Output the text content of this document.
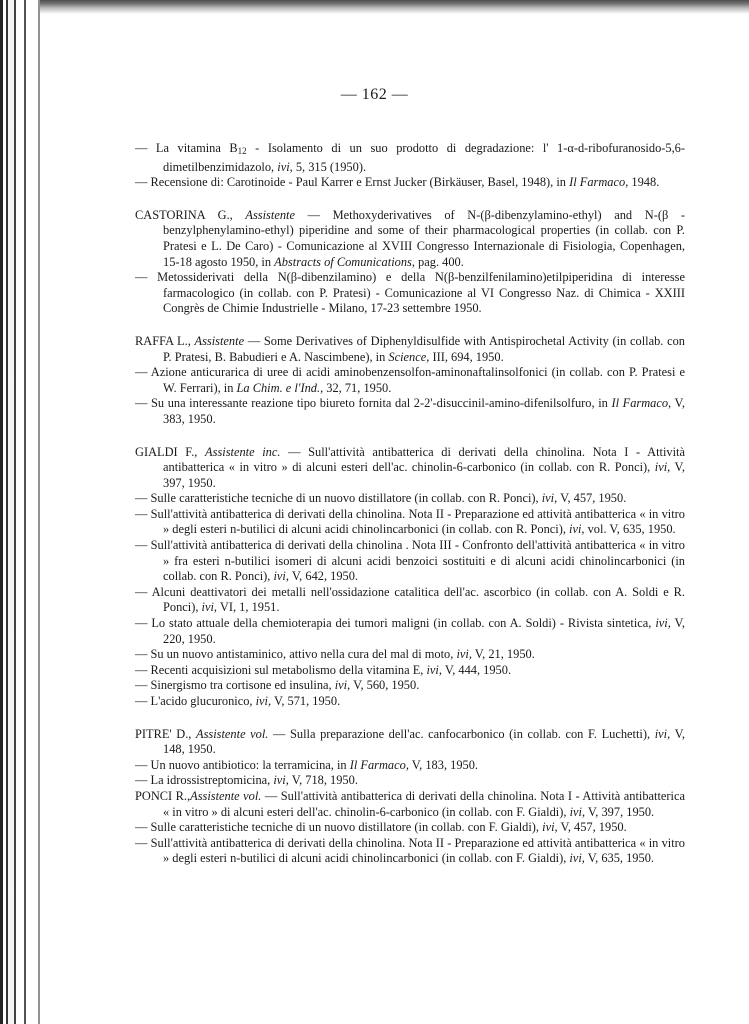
— 162 —

— La vitamina $B_{12}$ - Isolamento di un suo prodotto di degradazione: l' 1-α-d-ribofuranosido-5,6-dimetilbenzimidazolo, ivi, 5, 315 (1950).

— Recensione di: Carotinoide - Paul Karrer e Ernst Jucker (Birkäuser, Basel, 1948), in Il Farmaco, 1948.

CASTORINA G., Assistente — Methoxyderivatives of N-(β-dibenzylamino-ethyl) and N-(β -benzylphenylamino-ethyl) piperidine and some of their pharmacological properties (in collab. con P. Pratesi e L. De Caro) - Comunicazione al XVIII Congresso Internazionale di Fisiologia, Copenhagen, 15-18 agosto 1950, in Abstracts of Comunications, pag. 400.

— Metossiderivati della N(β-dibenzilamino) e della N(β-benzilfenilamino)etilpiperidina di interesse farmacologico (in collab. con P. Pratesi) - Comunicazione al VI Congresso Naz. di Chimica - XXIII Congrès de Chimie Industrielle - Milano, 17-23 settembre 1950.

RAFFA L., Assistente — Some Derivatives of Diphenyldisulfide with Antispirochetal Activity (in collab. con P. Pratesi, B. Babudieri e A. Nascimbene), in Science, III, 694, 1950.

— Azione anticurarica di uree di acidi aminobenzensolfon-aminonaftalinsolfonici (in collab. con P. Pratesi e W. Ferrari), in La Chim. e l'Ind., 32, 71, 1950.

— Su una interessante reazione tipo biureto fornita dal 2-2'-disuccinil-amino-difenilsolfuro, in Il Farmaco, V, 383, 1950.

GIALDI F., Assistente inc. — Sull'attività antibatterica di derivati della chinolina. Nota I - Attività antibatterica « in vitro » di alcuni esteri dell'ac. chinolin-6-carbonico (in collab. con R. Ponci), ivi, V, 397, 1950.

— Sulle caratteristiche tecniche di un nuovo distillatore (in collab. con R. Ponci), ivi, V, 457, 1950.

— Sull'attività antibatterica di derivati della chinolina. Nota II - Preparazione ed attività antibatterica « in vitro » degli esteri n-butilici di alcuni acidi chinolincarbonici (in collab. con R. Ponci), ivi, vol. V, 635, 1950.

— Sull'attività antibatterica di derivati della chinolina . Nota III - Confronto dell'attività antibatterica « in vitro » fra esteri n-butilici isomeri di alcuni acidi benzoici sostituiti e di alcuni acidi chinolincarbonici (in collab. con R. Ponci), ivi, V, 642, 1950.

— Alcuni deattivatori dei metalli nell'ossidazione catalitica dell'ac. ascorbico (in collab. con A. Soldi e R. Ponci), ivi, VI, 1, 1951.

— Lo stato attuale della chemioterapia dei tumori maligni (in collab. con A. Soldi) - Rivista sintetica, ivi, V, 220, 1950.

— Su un nuovo antistaminico, attivo nella cura del mal di moto, ivi, V, 21, 1950.

— Recenti acquisizioni sul metabolismo della vitamina E, ivi, V, 444, 1950.

— Sinergismo tra cortisone ed insulina, ivi, V, 560, 1950.

— L'acido glucuronico, ivi, V, 571, 1950.

PITRE' D., Assistente vol. — Sulla preparazione dell'ac. canfocarbonico (in collab. con F. Luchetti), ivi, V, 148, 1950.

— Un nuovo antibiotico: la terramicina, in Il Farmaco, V, 183, 1950.

— La idrossistreptomicina, ivi, V, 718, 1950.

PONCI R.,Assistente vol. — Sull'attività antibatterica di derivati della chinolina. Nota I - Attività antibatterica « in vitro » di alcuni esteri dell'ac. chinolin-6-carbonico (in collab. con F. Gialdi), ivi, V, 397, 1950.

— Sulle caratteristiche tecniche di un nuovo distillatore (in collab. con F. Gialdi), ivi, V, 457, 1950.

— Sull'attività antibatterica di derivati della chinolina. Nota II - Preparazione ed attività antibatterica « in vitro » degli esteri n-butilici di alcuni acidi chinolincarbonici (in collab. con F. Gialdi), ivi, V, 635, 1950.
